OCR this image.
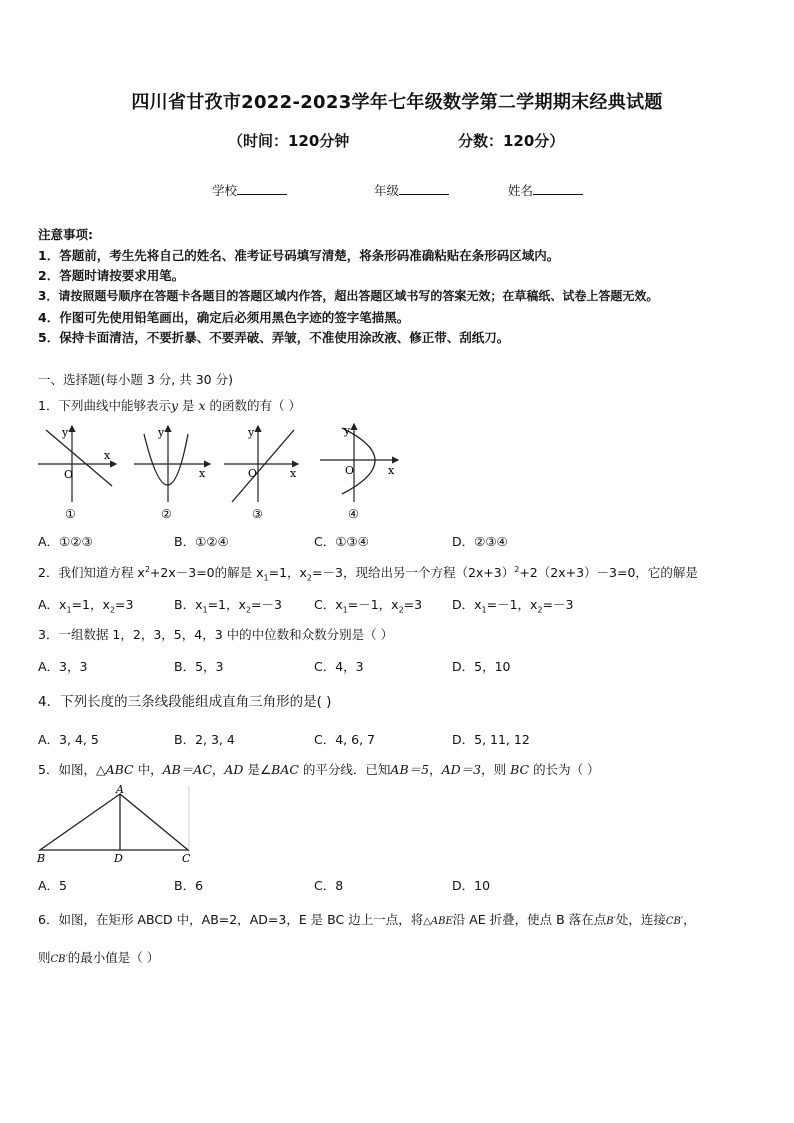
四川省甘孜市2022-2023学年七年级数学第二学期期末经典试题
（时间：120分钟	分数：120分）
学校	年级	姓名
注意事项:
1．答题前，考生先将自己的姓名、准考证号码填写清楚，将条形码准确粘贴在条形码区域内。
2．答题时请按要求用笔。
3．请按照题号顺序在答题卡各题目的答题区域内作答，超出答题区域书写的答案无效；在草稿纸、试卷上答题无效。
4．作图可先使用铅笔画出，确定后必须用黑色字迹的签字笔描黑。
5．保持卡面清洁，不要折暴、不要弄破、弄皱，不准使用涂改液、修正带、刮纸刀。
一、选择题(每小题 3 分, 共 30 分)
1．下列曲线中能够表示y 是 x 的函数的有（ ）
y
x
O
①
y
x
②
y
x
O
③
y
x
O
④
A．①②③	B．①②④	C．①③④	D．②③④
2．我们知道方程 $x^2+2x-3=0$的解是 $x_1=1$，$x_2=-3$，现给出另一个方程$(2x+3)^2+2(2x+3)-3=0$，它的解是
A．$x_1=1$，$x_2=3$	B．$x_1=1$，$x_2=-3$	C．$x_1=-1$，$x_2=3$ D．$x_1=-1$，$x_2=-3$
3．一组数据 1，2，3，5，4，3 中的中位数和众数分别是（ ）
A．3，3	B．5，3	C．4，3	D．5，10
4．下列长度的三条线段能组成直角三角形的是( )
A．3, 4, 5	B．2, 3, 4	C．4, 6, 7	D．5, 11, 12
5．如图，△ABC 中，AB＝AC，AD 是∠BAC 的平分线．已知AB＝5，AD＝3，则 BC 的长为（ ）
A
B	C
D
A．5	B．6	C．8	D．10
6．如图，在矩形 ABCD 中，AB=2，AD=3，E 是 BC 边上一点，将△ABE沿 AE 折叠，使点 B 落在点B′处，连接CB′，
则CB′的最小值是（ ）
